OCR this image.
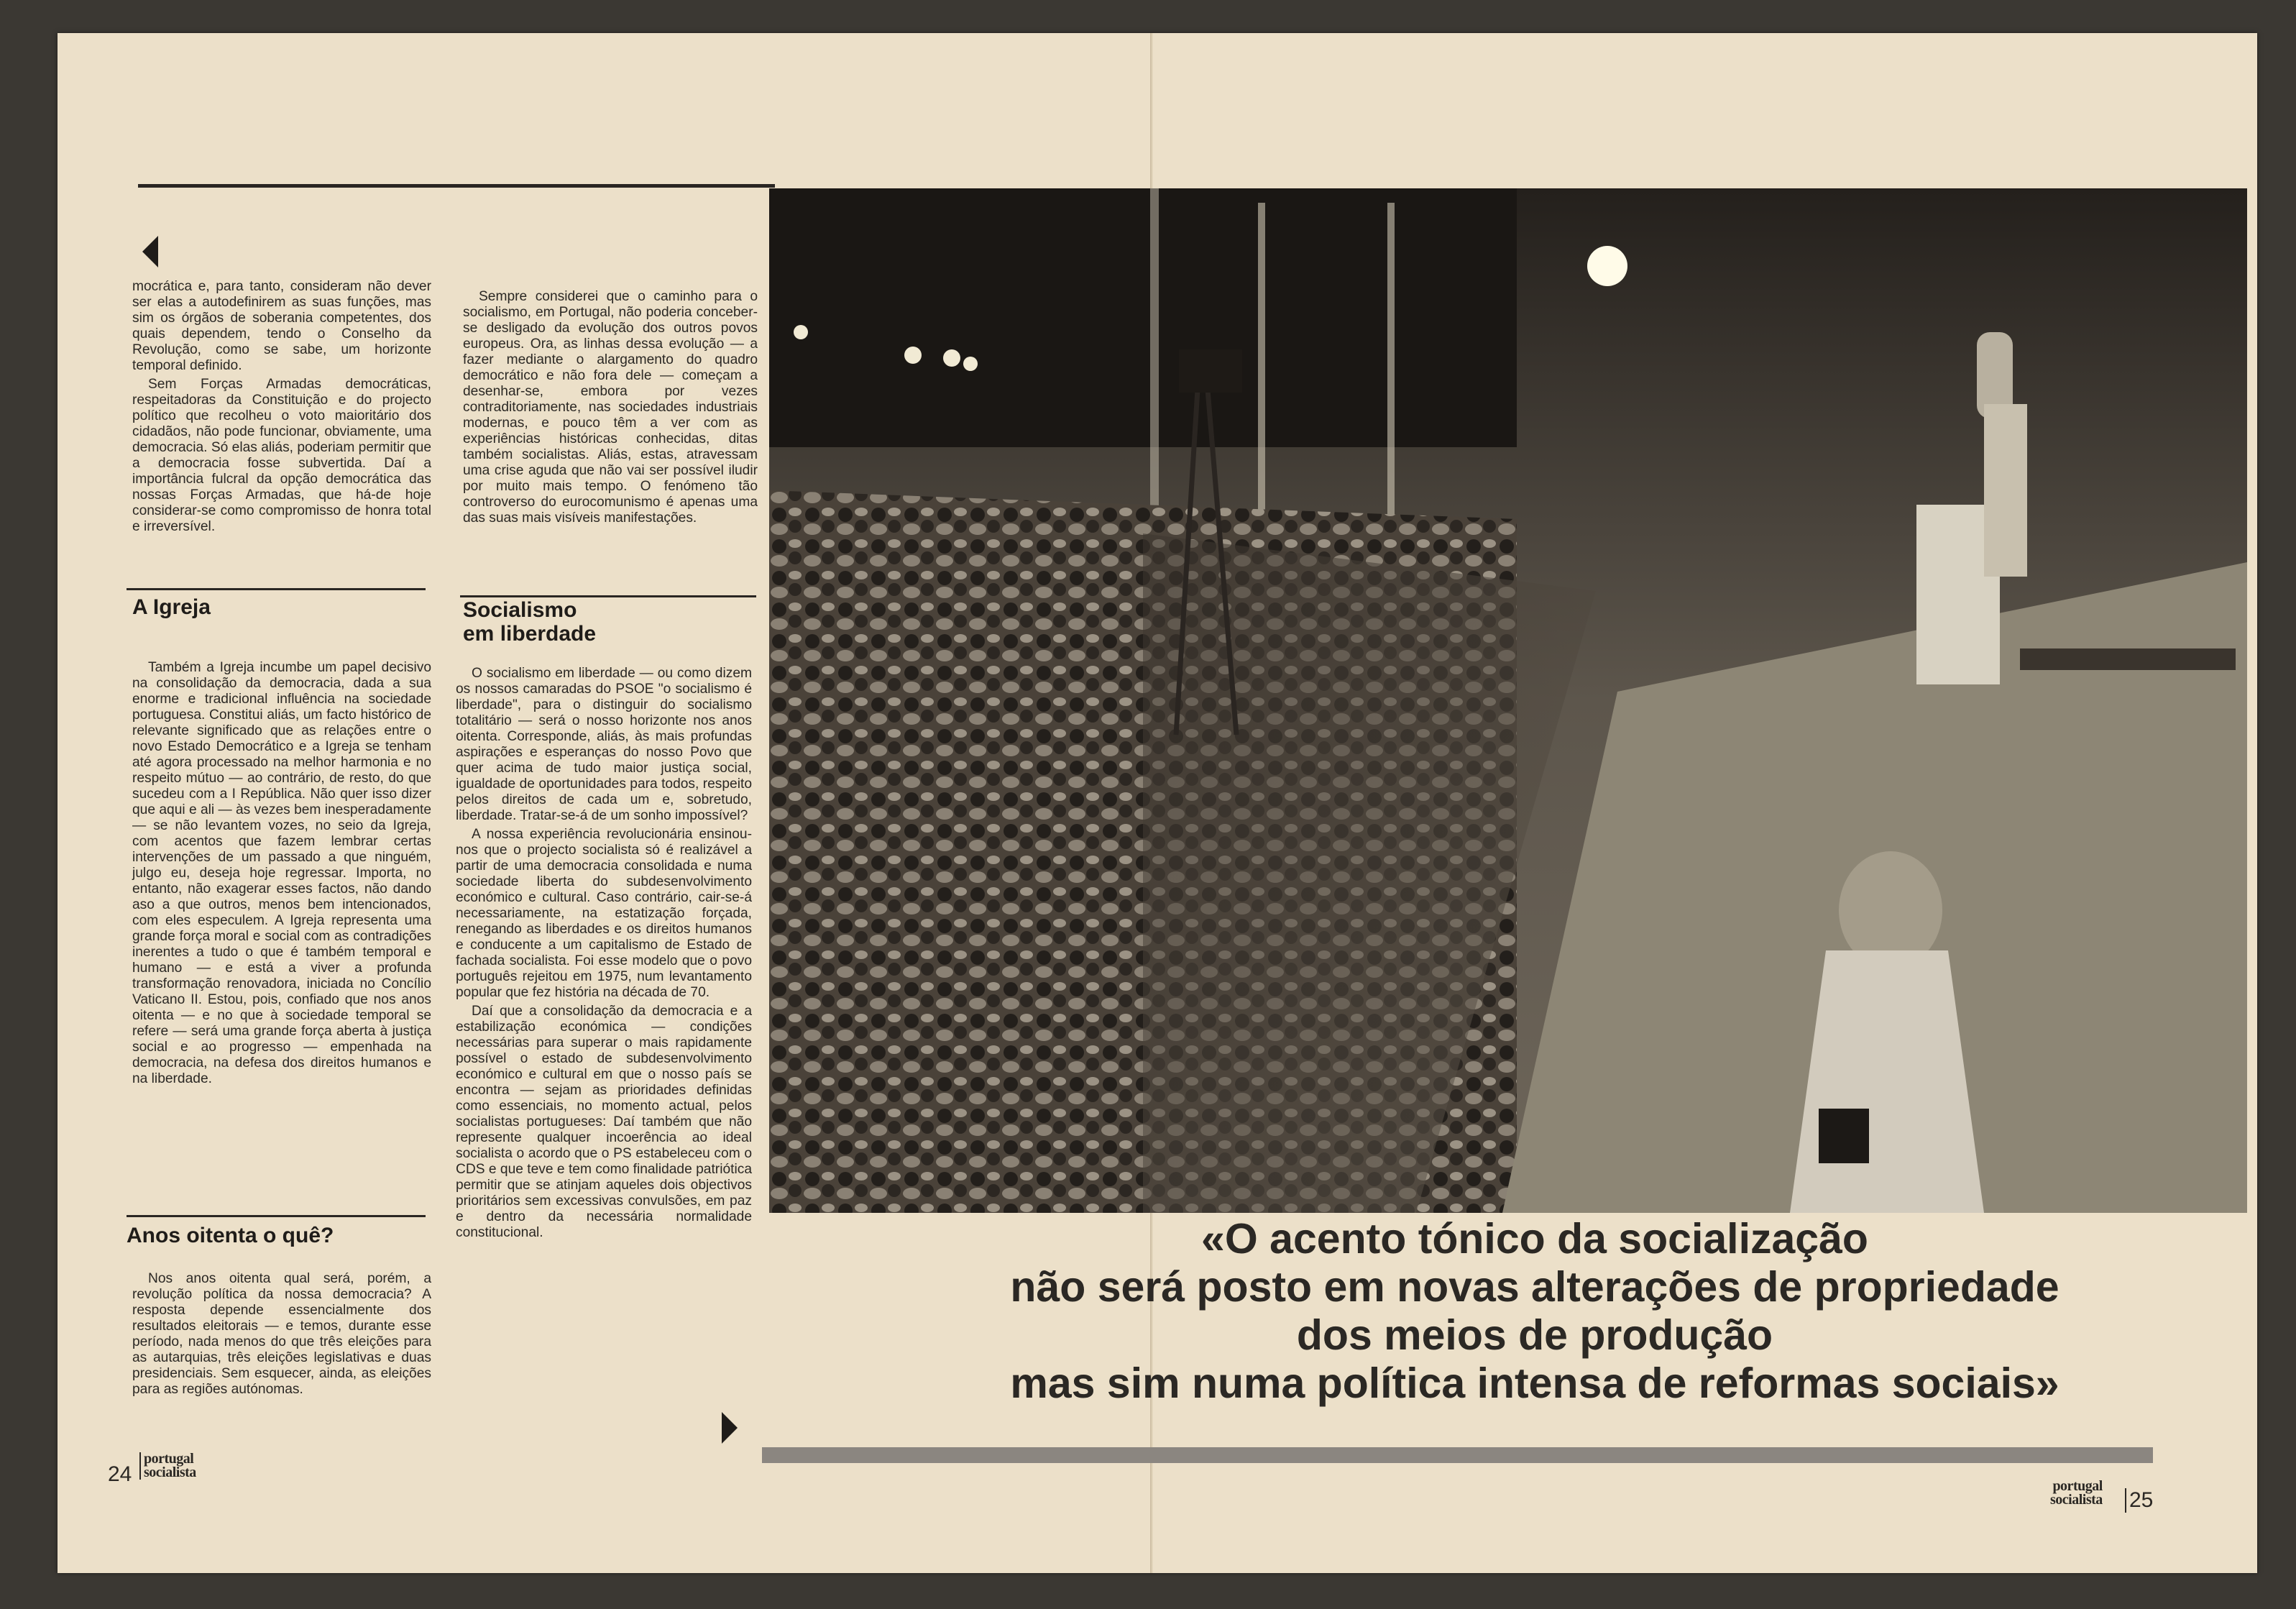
mocrática e, para tanto, consideram não dever ser elas a autodefinirem as suas funções, mas sim os órgãos de soberania competentes, dos quais dependem, tendo o Conselho da Revolução, como se sabe, um horizonte temporal definido.

Sem Forças Armadas democráticas, respeitadoras da Constituição e do projecto político que recolheu o voto maioritário dos cidadãos, não pode funcionar, obviamente, uma democracia. Só elas aliás, poderiam permitir que a democracia fosse subvertida. Daí a importância fulcral da opção democrática das nossas Forças Armadas, que há-de hoje considerar-se como compromisso de honra total e irreversível.

A Igreja

Também a Igreja incumbe um papel decisivo na consolidação da democracia, dada a sua enorme e tradicional influência na sociedade portuguesa. Constitui aliás, um facto histórico de relevante significado que as relações entre o novo Estado Democrático e a Igreja se tenham até agora processado na melhor harmonia e no respeito mútuo — ao contrário, de resto, do que sucedeu com a I República. Não quer isso dizer que aqui e ali — às vezes bem inesperadamente — se não levantem vozes, no seio da Igreja, com acentos que fazem lembrar certas intervenções de um passado a que ninguém, julgo eu, deseja hoje regressar. Importa, no entanto, não exagerar esses factos, não dando aso a que outros, menos bem intencionados, com eles especulem. A Igreja representa uma grande força moral e social com as contradições inerentes a tudo o que é também temporal e humano — e está a viver a profunda transformação renovadora, iniciada no Concílio Vaticano II. Estou, pois, confiado que nos anos oitenta — e no que à sociedade temporal se refere — será uma grande força aberta à justiça social e ao progresso — empenhada na democracia, na defesa dos direitos humanos e na liberdade.

Anos oitenta o quê?

Nos anos oitenta qual será, porém, a revolução política da nossa democracia? A resposta depende essencialmente dos resultados eleitorais — e temos, durante esse período, nada menos do que três eleições para as autarquias, três eleições legislativas e duas presidenciais. Sem esquecer, ainda, as eleições para as regiões autónomas.

Sempre considerei que o caminho para o socialismo, em Portugal, não poderia conceber-se desligado da evolução dos outros povos europeus. Ora, as linhas dessa evolução — a fazer mediante o alargamento do quadro democrático e não fora dele — começam a desenhar-se, embora por vezes contraditoriamente, nas sociedades industriais modernas, e pouco têm a ver com as experiências históricas conhecidas, ditas também socialistas. Aliás, estas, atravessam uma crise aguda que não vai ser possível iludir por muito mais tempo. O fenómeno tão controverso do eurocomunismo é apenas uma das suas mais visíveis manifestações.

Socialismo
em liberdade

O socialismo em liberdade — ou como dizem os nossos camaradas do PSOE "o socialismo é liberdade", para o distinguir do socialismo totalitário — será o nosso horizonte nos anos oitenta. Corresponde, aliás, às mais profundas aspirações e esperanças do nosso Povo que quer acima de tudo maior justiça social, igualdade de oportunidades para todos, respeito pelos direitos de cada um e, sobretudo, liberdade. Tratar-se-á de um sonho impossível?

A nossa experiência revolucionária ensinou-nos que o projecto socialista só é realizável a partir de uma democracia consolidada e numa sociedade liberta do subdesenvolvimento económico e cultural. Caso contrário, cair-se-á necessariamente, na estatização forçada, renegando as liberdades e os direitos humanos e conducente a um capitalismo de Estado de fachada socialista. Foi esse modelo que o povo português rejeitou em 1975, num levantamento popular que fez história na década de 70.

Daí que a consolidação da democracia e a estabilização económica — condições necessárias para superar o mais rapidamente possível o estado de subdesenvolvimento económico e cultural em que o nosso país se encontra — sejam as prioridades definidas como essenciais, no momento actual, pelos socialistas portugueses: Daí também que não represente qualquer incoerência ao ideal socialista o acordo que o PS estabeleceu com o CDS e que teve e tem como finalidade patriótica permitir que se atinjam aqueles dois objectivos prioritários sem excessivas convulsões, em paz e dentro da necessária normalidade constitucional.	«O acento tónico da socialização
não será posto em novas alterações de propriedade
dos meios de produção
mas sim numa política intensa de reformas sociais»
24
portugal
socialista
portugal
socialista 25
